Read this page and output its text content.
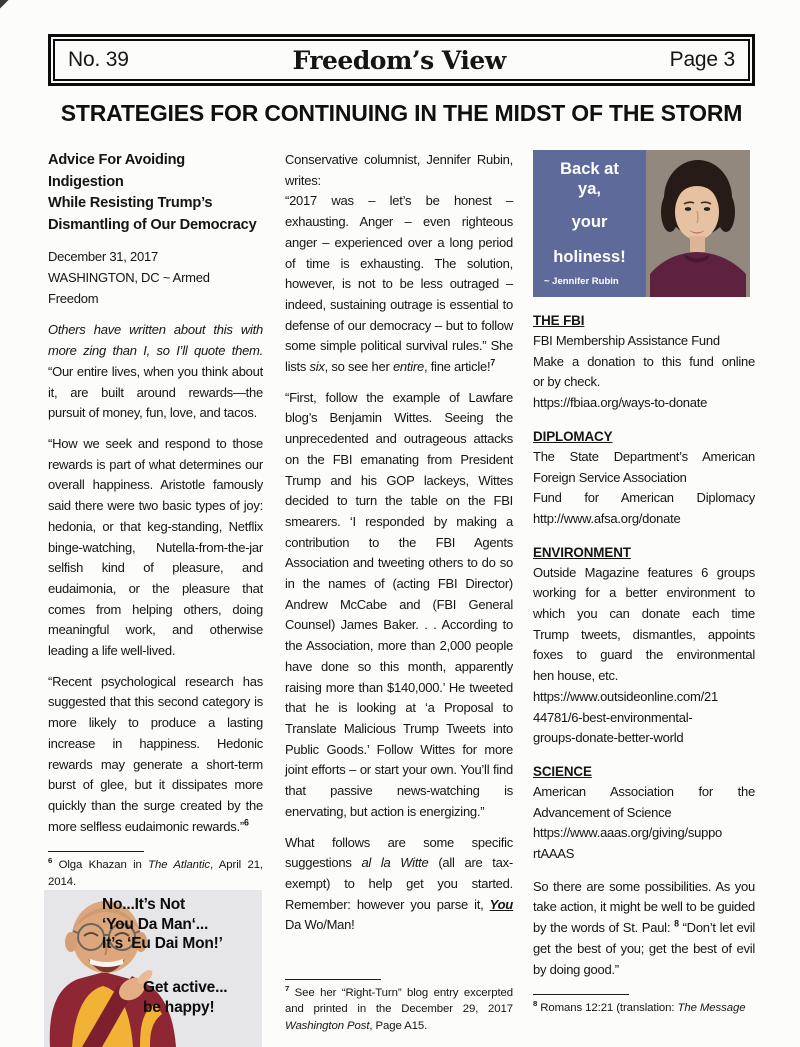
No. 39	Freedom’s View	Page 3
STRATEGIES FOR CONTINUING IN THE MIDST OF THE STORM
Advice For Avoiding Indigestion
While Resisting Trump’s
Dismantling of Our Democracy
December 31, 2017
WASHINGTON, DC ~ Armed Freedom

Others have written about this with more zing than I, so I’ll quote them. “Our entire lives, when you think about it, are built around rewards—the pursuit of money, fun, love, and tacos.

“How we seek and respond to those rewards is part of what determines our overall happiness. Aristotle famously said there were two basic types of joy: hedonia, or that keg-standing, Netflix binge-watching, Nutella-from-the-jar selfish kind of pleasure, and eudaimonia, or the pleasure that comes from helping others, doing meaningful work, and otherwise leading a life well-lived.

“Recent psychological research has suggested that this second category is more likely to produce a lasting increase in happiness. Hedonic rewards may generate a short-term burst of glee, but it dissipates more quickly than the surge created by the more selfless eudaimonic rewards.”$^6$

$^6$ Olga Khazan in The Atlantic, April 21, 2014.

No...It’s Not
‘You Da Man‘...
It’s ‘Eu Dai Mon!’
Get active...
be happy!

Conservative columnist, Jennifer Rubin, writes:
“2017 was – let’s be honest – exhausting. Anger – even righteous anger – experienced over a long period of time is exhausting. The solution, however, is not to be less outraged – indeed, sustaining outrage is essential to defense of our democracy – but to follow some simple political survival rules.” She lists six, so see her entire, fine article!$^7$

“First, follow the example of Lawfare blog’s Benjamin Wittes. Seeing the unprecedented and outrageous attacks on the FBI emanating from President Trump and his GOP lackeys, Wittes decided to turn the table on the FBI smearers. ‘I responded by making a contribution to the FBI Agents Association and tweeting others to do so in the names of (acting FBI Director) Andrew McCabe and (FBI General Counsel) James Baker. . . According to the Association, more than 2,000 people have done so this month, apparently raising more than $140,000.’ He tweeted that he is looking at ‘a Proposal to Translate Malicious Trump Tweets into Public Goods.’ Follow Wittes for more joint efforts – or start your own. You’ll find that passive news-watching is enervating, but action is energizing.”

What follows are some specific suggestions al la Witte (all are tax-exempt) to help get you started. Remember: however you parse it, You Da Wo/Man!

$^7$ See her “Right-Turn” blog entry excerpted and printed in the December 29, 2017 Washington Post, Page A15.

Back at
ya,
your
holiness!
~ Jennifer Rubin
THE FBI
FBI Membership Assistance Fund
Make a donation to this fund online
or by check.
https://fbiaa.org/ways-to-donate
DIPLOMACY
The State Department’s American
Foreign Service Association
Fund for American Diplomacy
http://www.afsa.org/donate
ENVIRONMENT
Outside Magazine features 6 groups
working for a better environment to
which you can donate each time
Trump tweets, dismantles, appoints
foxes to guard the environmental
hen house, etc.
https://www.outsideonline.com/21
44781/6-best-environmental-
groups-donate-better-world
SCIENCE
American Association for the
Advancement of Science
https://www.aaas.org/giving/suppo
rtAAAS

So there are some possibilities. As you take action, it might be well to be guided by the words of St. Paul: $^8$ “Don’t let evil get the best of you; get the best of evil by doing good.”

$^8$ Romans 12:21 (translation: The Message
